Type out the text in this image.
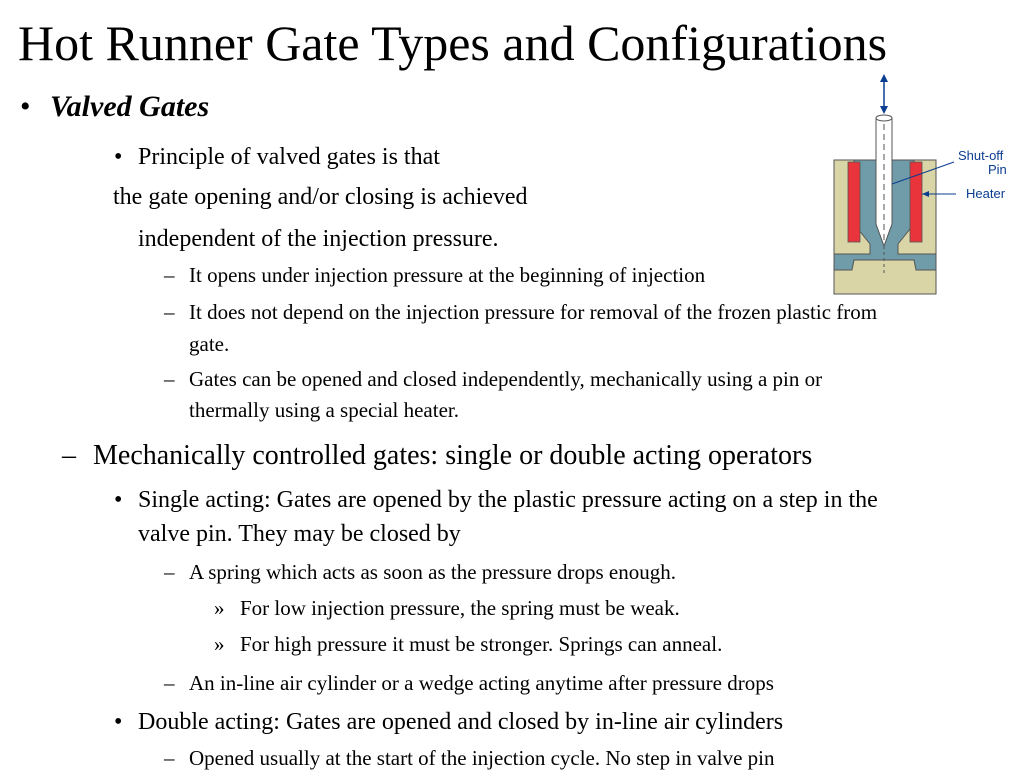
Hot Runner Gate Types and Configurations
• Valved Gates
• Principle of valved gates is that
the gate opening and/or closing is achieved
independent of the injection pressure.
– It opens under injection pressure at the beginning of injection
– It does not depend on the injection pressure for removal of the frozen plastic from
gate.
– Gates can be opened and closed independently, mechanically using a pin or
thermally using a special heater.
– Mechanically controlled gates: single or double acting operators
• Single acting: Gates are opened by the plastic pressure acting on a step in the
valve pin. They may be closed by
– A spring which acts as soon as the pressure drops enough.
» For low injection pressure, the spring must be weak.
» For high pressure it must be stronger. Springs can anneal.
– An in-line air cylinder or a wedge acting anytime after pressure drops
• Double acting: Gates are opened and closed by in-line air cylinders
– Opened usually at the start of the injection cycle. No step in valve pin
Shut-off
Pin
Heater
